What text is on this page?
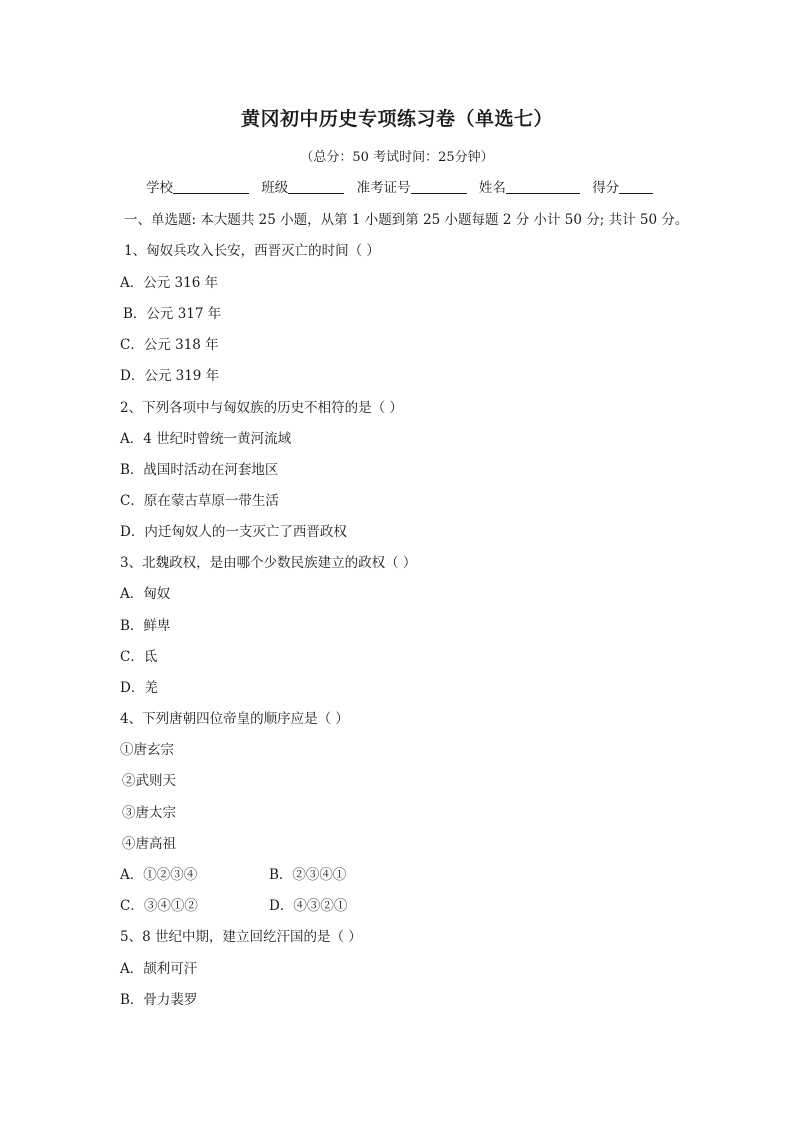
黄冈初中历史专项练习卷（单选七）
（总分：50 考试时间：25分钟）
学校	班级	准考证号	姓名	得分
一、单选题: 本大题共 25 小题，从第 1 小题到第 25 小题每题 2 分 小计 50 分; 共计 50 分。
1、匈奴兵攻入长安，西晋灭亡的时间（ ）
A．公元 316 年
B．公元 317 年
C．公元 318 年
D．公元 319 年
2、下列各项中与匈奴族的历史不相符的是（ ）
A．4 世纪时曾统一黄河流域
B．战国时活动在河套地区
C．原在蒙古草原一带生活
D．内迁匈奴人的一支灭亡了西晋政权
3、北魏政权，是由哪个少数民族建立的政权（ ）
A．匈奴
B．鲜卑
C．氐
D．羌
4、下列唐朝四位帝皇的顺序应是（ ）
①唐玄宗
②武则天
③唐太宗
④唐高祖
A．①②③④	B．②③④①
C．③④①②	D．④③②①
5、8 世纪中期，建立回纥汗国的是（ ）
A．颉利可汗
B．骨力裴罗
